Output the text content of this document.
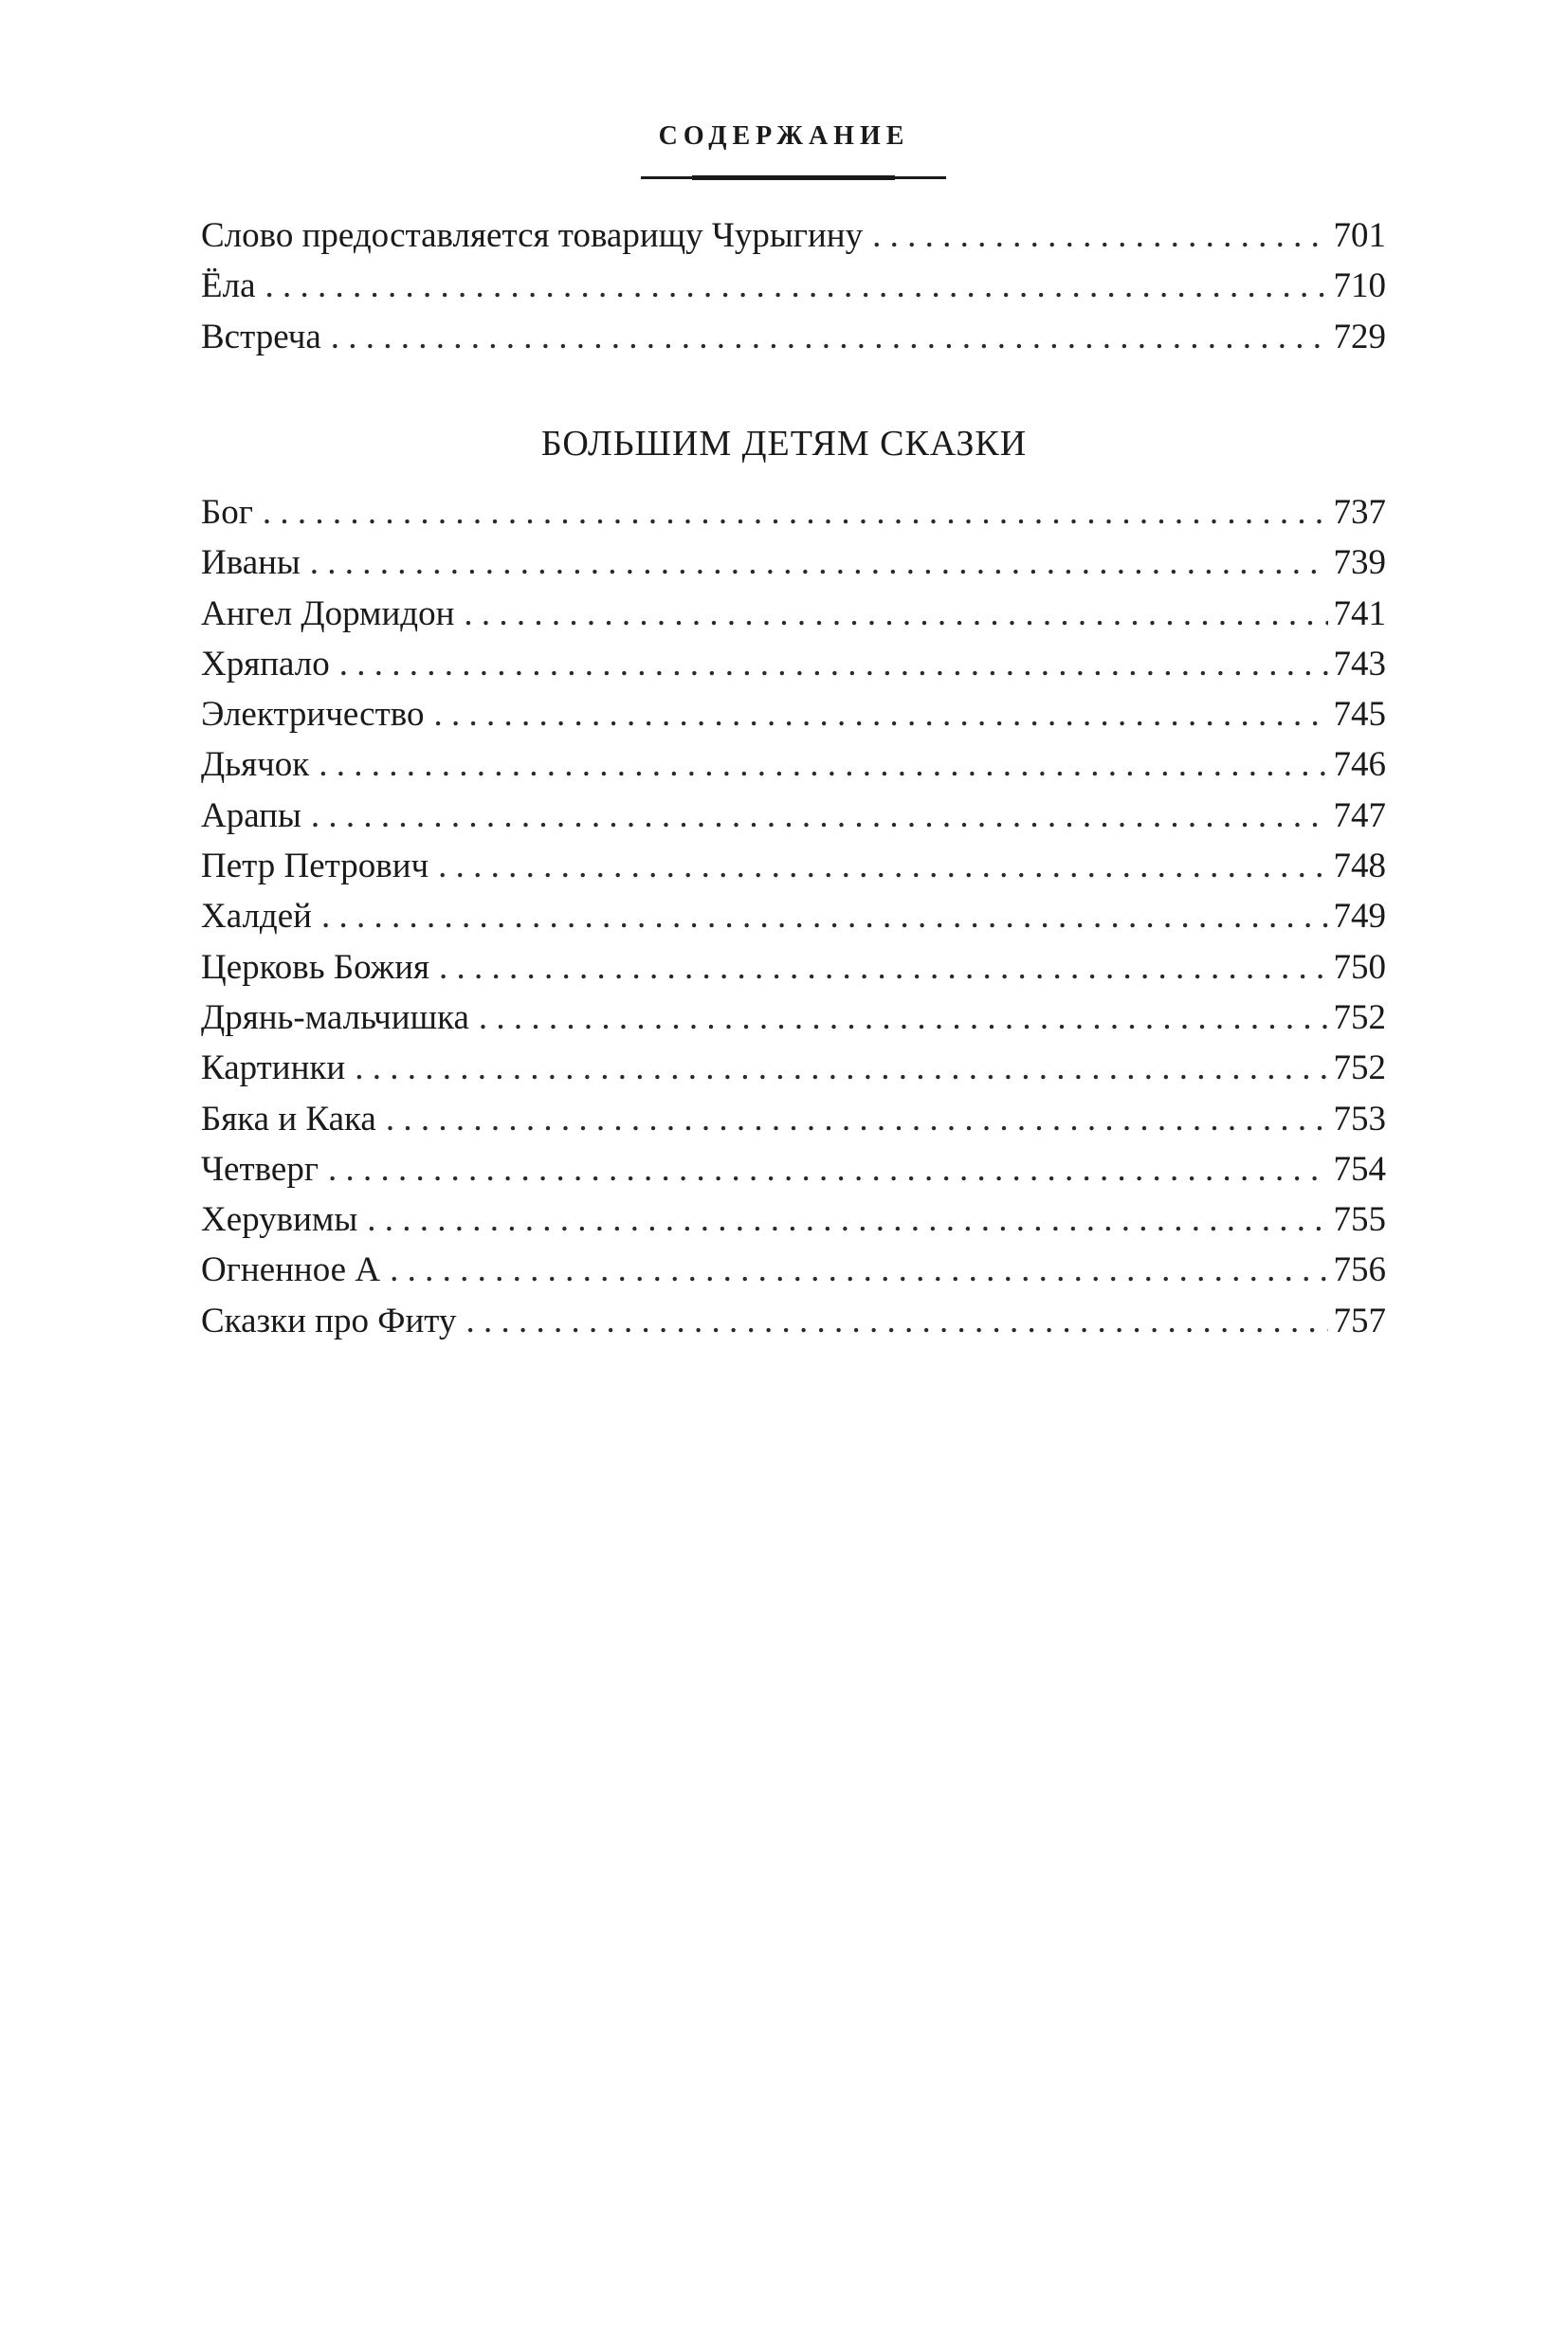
СОДЕРЖАНИЕ
Слово предоставляется товарищу Чурыгину . . .	701
Ёла . . .	710
Встреча . . .	729
БОЛЬШИМ ДЕТЯМ СКАЗКИ
Бог . . .	737
Иваны . . .	739
Ангел Дормидон . . .	741
Хряпало . . .	743
Электричество . . .	745
Дьячок . . .	746
Арапы . . .	747
Петр Петрович . . .	748
Халдей . . .	749
Церковь Божия . . .	750
Дрянь-мальчишка . . .	752
Картинки . . .	752
Бяка и Кака . . .	753
Четверг . . .	754
Херувимы . . .	755
Огненное А . . .	756
Сказки про Фиту . . .	757
